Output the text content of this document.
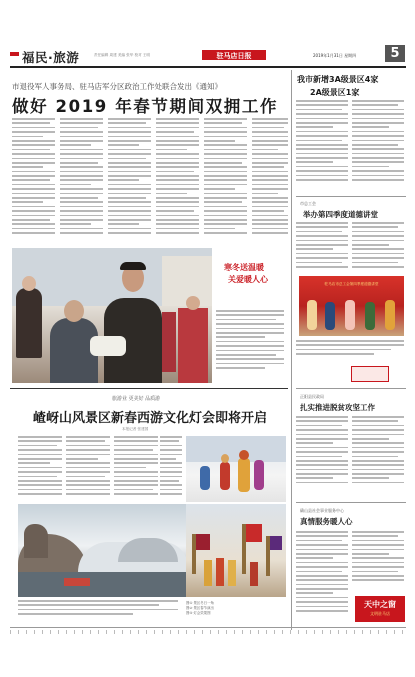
福民·旅游	责任编辑 周建 美编 张华 校对 王明	驻马店日报	2019年1月31日 星期四	5
市退役军人事务局、驻马店军分区政治工作处联合发出《通知》
做好 2019 年春节期间双拥工作
寒冬送温暖
关爱暖人心
旅游业 更美好 品质游
嵖岈山风景区新春西游文化灯会即将开启
本报记者 张建国
图① 景区冬日一角
图② 景区春节演出
图③ 灯会效果图
我市新增3A级景区4家
2A级景区1家
市总工会
举办第四季度道德讲堂
驻马店市总工会第四季度道德讲堂
正阳县民政局
扎实推进脱贫攻坚工作
确山县社会事业服务中心
真情服务暖人心
天中之窗
文明驻马店
